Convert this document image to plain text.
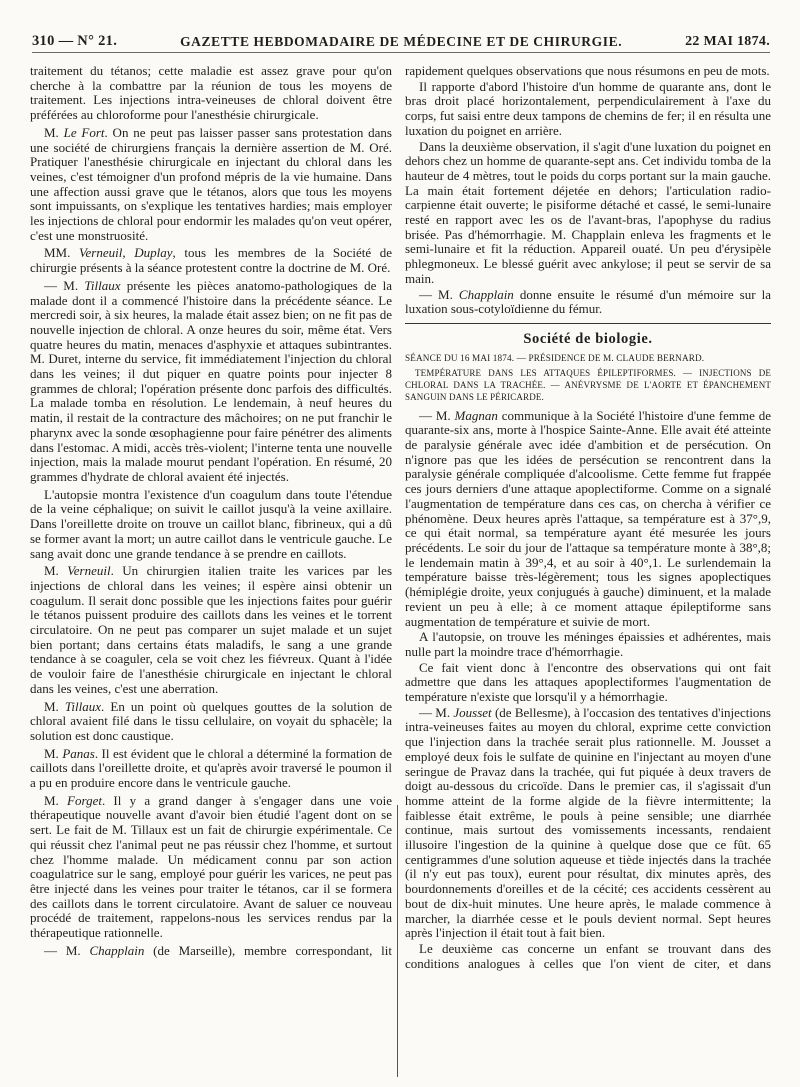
310 — N° 21.	GAZETTE HEBDOMADAIRE DE MÉDECINE ET DE CHIRURGIE.	22 MAI 1874.

traitement du tétanos; cette maladie est assez grave pour qu'on cherche à la combattre par la réunion de tous les moyens de traitement. Les injections intra-veineuses de chloral doivent être préférées au chloroforme pour l'anesthésie chirurgicale.

M. Le Fort. On ne peut pas laisser passer sans protestation dans une société de chirurgiens français la dernière assertion de M. Oré. Pratiquer l'anesthésie chirurgicale en injectant du chloral dans les veines, c'est témoigner d'un profond mépris de la vie humaine. Dans une affection aussi grave que le tétanos, alors que tous les moyens sont impuissants, on s'explique les tentatives hardies; mais employer les injections de chloral pour endormir les malades qu'on veut opérer, c'est une monstruosité.

MM. Verneuil, Duplay, tous les membres de la Société de chirurgie présents à la séance protestent contre la doctrine de M. Oré.

— M. Tillaux présente les pièces anatomo-pathologiques de la malade dont il a commencé l'histoire dans la précédente séance. Le mercredi soir, à six heures, la malade était assez bien; on ne fit pas de nouvelle injection de chloral. A onze heures du soir, même état. Vers quatre heures du matin, menaces d'asphyxie et attaques subintrantes. M. Duret, interne du service, fit immédiatement l'injection du chloral dans les veines; il dut piquer en quatre points pour injecter 8 grammes de chloral; l'opération présente donc parfois des difficultés. La malade tomba en résolution. Le lendemain, à neuf heures du matin, il restait de la contracture des mâchoires; on ne put franchir le pharynx avec la sonde œsophagienne pour faire pénétrer des aliments dans l'estomac. A midi, accès très-violent; l'interne tenta une nouvelle injection, mais la malade mourut pendant l'opération. En résumé, 20 grammes d'hydrate de chloral avaient été injectés.

L'autopsie montra l'existence d'un coagulum dans toute l'étendue de la veine céphalique; on suivit le caillot jusqu'à la veine axillaire. Dans l'oreillette droite on trouve un caillot blanc, fibrineux, qui a dû se former avant la mort; un autre caillot dans le ventricule gauche. Le sang avait donc une grande tendance à se prendre en caillots.

M. Verneuil. Un chirurgien italien traite les varices par les injections de chloral dans les veines; il espère ainsi obtenir un coagulum. Il serait donc possible que les injections faites pour guérir le tétanos puissent produire des caillots dans les veines et le torrent circulatoire. On ne peut pas comparer un sujet malade et un sujet bien portant; dans certains états maladifs, le sang a une grande tendance à se coaguler, cela se voit chez les fiévreux. Quant à l'idée de vouloir faire de l'anesthésie chirurgicale en injectant le chloral dans les veines, c'est une aberration.

M. Tillaux. En un point où quelques gouttes de la solution de chloral avaient filé dans le tissu cellulaire, on voyait du sphacèle; la solution est donc caustique.

M. Panas. Il est évident que le chloral a déterminé la formation de caillots dans l'oreillette droite, et qu'après avoir traversé le poumon il a pu en produire encore dans le ventricule gauche.

M. Forget. Il y a grand danger à s'engager dans une voie thérapeutique nouvelle avant d'avoir bien étudié l'agent dont on se sert. Le fait de M. Tillaux est un fait de chirurgie expérimentale. Ce qui réussit chez l'animal peut ne pas réussir chez l'homme, et surtout chez l'homme malade. Un médicament connu par son action coagulatrice sur le sang, employé pour guérir les varices, ne peut pas être injecté dans les veines pour traiter le tétanos, car il se formera des caillots dans le torrent circulatoire. Avant de saluer ce nouveau procédé de traitement, rappelons-nous les services rendus par la thérapeutique rationnelle.

— M. Chapplain (de Marseille), membre correspondant, lit

rapidement quelques observations que nous résumons en peu de mots.

Il rapporte d'abord l'histoire d'un homme de quarante ans, dont le bras droit placé horizontalement, perpendiculairement à l'axe du corps, fut saisi entre deux tampons de chemins de fer; il en résulta une luxation du poignet en arrière.

Dans la deuxième observation, il s'agit d'une luxation du poignet en dehors chez un homme de quarante-sept ans. Cet individu tomba de la hauteur de 4 mètres, tout le poids du corps portant sur la main gauche. La main était fortement déjetée en dehors; l'articulation radio-carpienne était ouverte; le pisiforme détaché et cassé, le semi-lunaire resté en rapport avec les os de l'avant-bras, l'apophyse du radius brisée. Pas d'hémorrhagie. M. Chapplain enleva les fragments et le semi-lunaire et fit la réduction. Appareil ouaté. Un peu d'érysipèle phlegmoneux. Le blessé guérit avec ankylose; il peut se servir de sa main.

— M. Chapplain donne ensuite le résumé d'un mémoire sur la luxation sous-cotyloïdienne du fémur.

Société de biologie.
SÉANCE DU 16 MAI 1874. — PRÉSIDENCE DE M. CLAUDE BERNARD.
TEMPÉRATURE DANS LES ATTAQUES ÉPILEPTIFORMES. — INJECTIONS DE CHLORAL DANS LA TRACHÉE. — ANÉVRYSME DE L'AORTE ET ÉPANCHEMENT SANGUIN DANS LE PÉRICARDE.

— M. Magnan communique à la Société l'histoire d'une femme de quarante-six ans, morte à l'hospice Sainte-Anne. Elle avait été atteinte de paralysie générale avec idée d'ambition et de persécution. On n'ignore pas que les idées de persécution se rencontrent dans la paralysie générale compliquée d'alcoolisme. Cette femme fut frappée ces jours derniers d'une attaque apoplectiforme. Comme on a signalé l'augmentation de température dans ces cas, on chercha à vérifier ce phénomène. Deux heures après l'attaque, sa température est à 37°,9, ce qui était normal, sa température ayant été mesurée les jours précédents. Le soir du jour de l'attaque sa température monte à 38°,8; le lendemain matin à 39°,4, et au soir à 40°,1. Le surlendemain la température baisse très-légèrement; tous les signes apoplectiques (hémiplégie droite, yeux conjugués à gauche) diminuent, et la malade revient un peu à elle; à ce moment attaque épileptiforme sans augmentation de température et suivie de mort.

A l'autopsie, on trouve les méninges épaissies et adhérentes, mais nulle part la moindre trace d'hémorrhagie.

Ce fait vient donc à l'encontre des observations qui ont fait admettre que dans les attaques apoplectiformes l'augmentation de température n'existe que lorsqu'il y a hémorrhagie.

— M. Jousset (de Bellesme), à l'occasion des tentatives d'injections intra-veineuses faites au moyen du chloral, exprime cette conviction que l'injection dans la trachée serait plus rationnelle. M. Jousset a employé deux fois le sulfate de quinine en l'injectant au moyen d'une seringue de Pravaz dans la trachée, qui fut piquée à deux travers de doigt au-dessous du cricoïde. Dans le premier cas, il s'agissait d'un homme atteint de la forme algide de la fièvre intermittente; la faiblesse était extrême, le pouls à peine sensible; une diarrhée continue, mais surtout des vomissements incessants, rendaient illusoire l'ingestion de la quinine à quelque dose que ce fût. 65 centigrammes d'une solution aqueuse et tiède injectés dans la trachée (il n'y eut pas toux), eurent pour résultat, dix minutes après, des bourdonnements d'oreilles et de la cécité; ces accidents cessèrent au bout de dix-huit minutes. Une heure après, le malade commence à marcher, la diarrhée cesse et le pouls devient normal. Sept heures après l'injection il était tout à fait bien.

Le deuxième cas concerne un enfant se trouvant dans des conditions analogues à celles que l'on vient de citer, et dans
